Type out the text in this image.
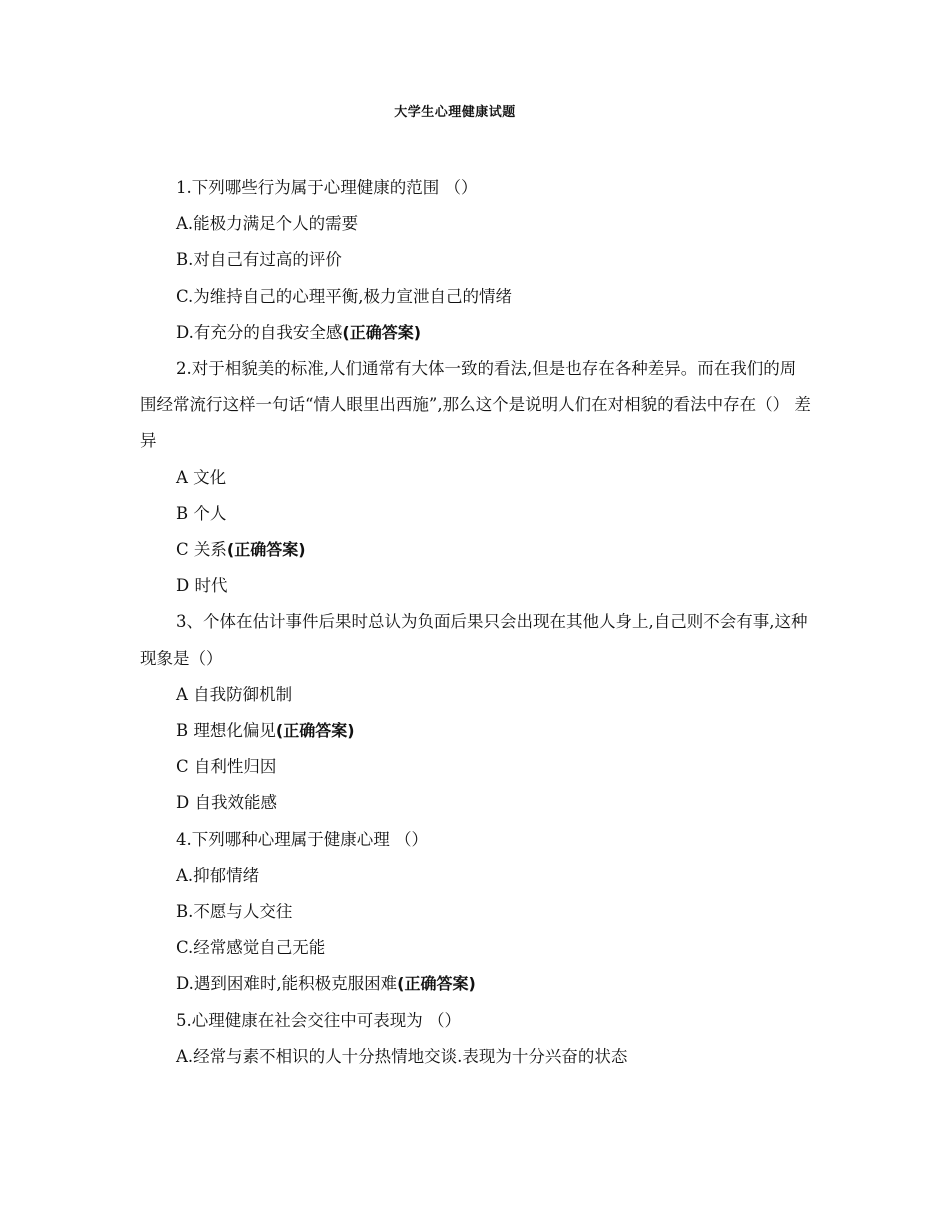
大学生心理健康试题

1.下列哪些行为属于心理健康的范围 （）

A.能极力满足个人的需要

B.对自己有过高的评价

C.为维持自己的心理平衡,极力宣泄自己的情绪

D.有充分的自我安全感(正确答案)

2.对于相貌美的标准,人们通常有大体一致的看法,但是也存在各种差异。而在我们的周围经常流行这样一句话“情人眼里出西施”,那么这个是说明人们在对相貌的看法中存在（） 差异

A 文化

B 个人

C 关系(正确答案)

D 时代

3、个体在估计事件后果时总认为负面后果只会出现在其他人身上,自己则不会有事,这种现象是（）

A 自我防御机制

B 理想化偏见(正确答案)

C 自利性归因

D 自我效能感

4.下列哪种心理属于健康心理 （）

A.抑郁情绪

B.不愿与人交往

C.经常感觉自己无能

D.遇到困难时,能积极克服困难(正确答案)

5.心理健康在社会交往中可表现为 （）

A.经常与素不相识的人十分热情地交谈.表现为十分兴奋的状态
